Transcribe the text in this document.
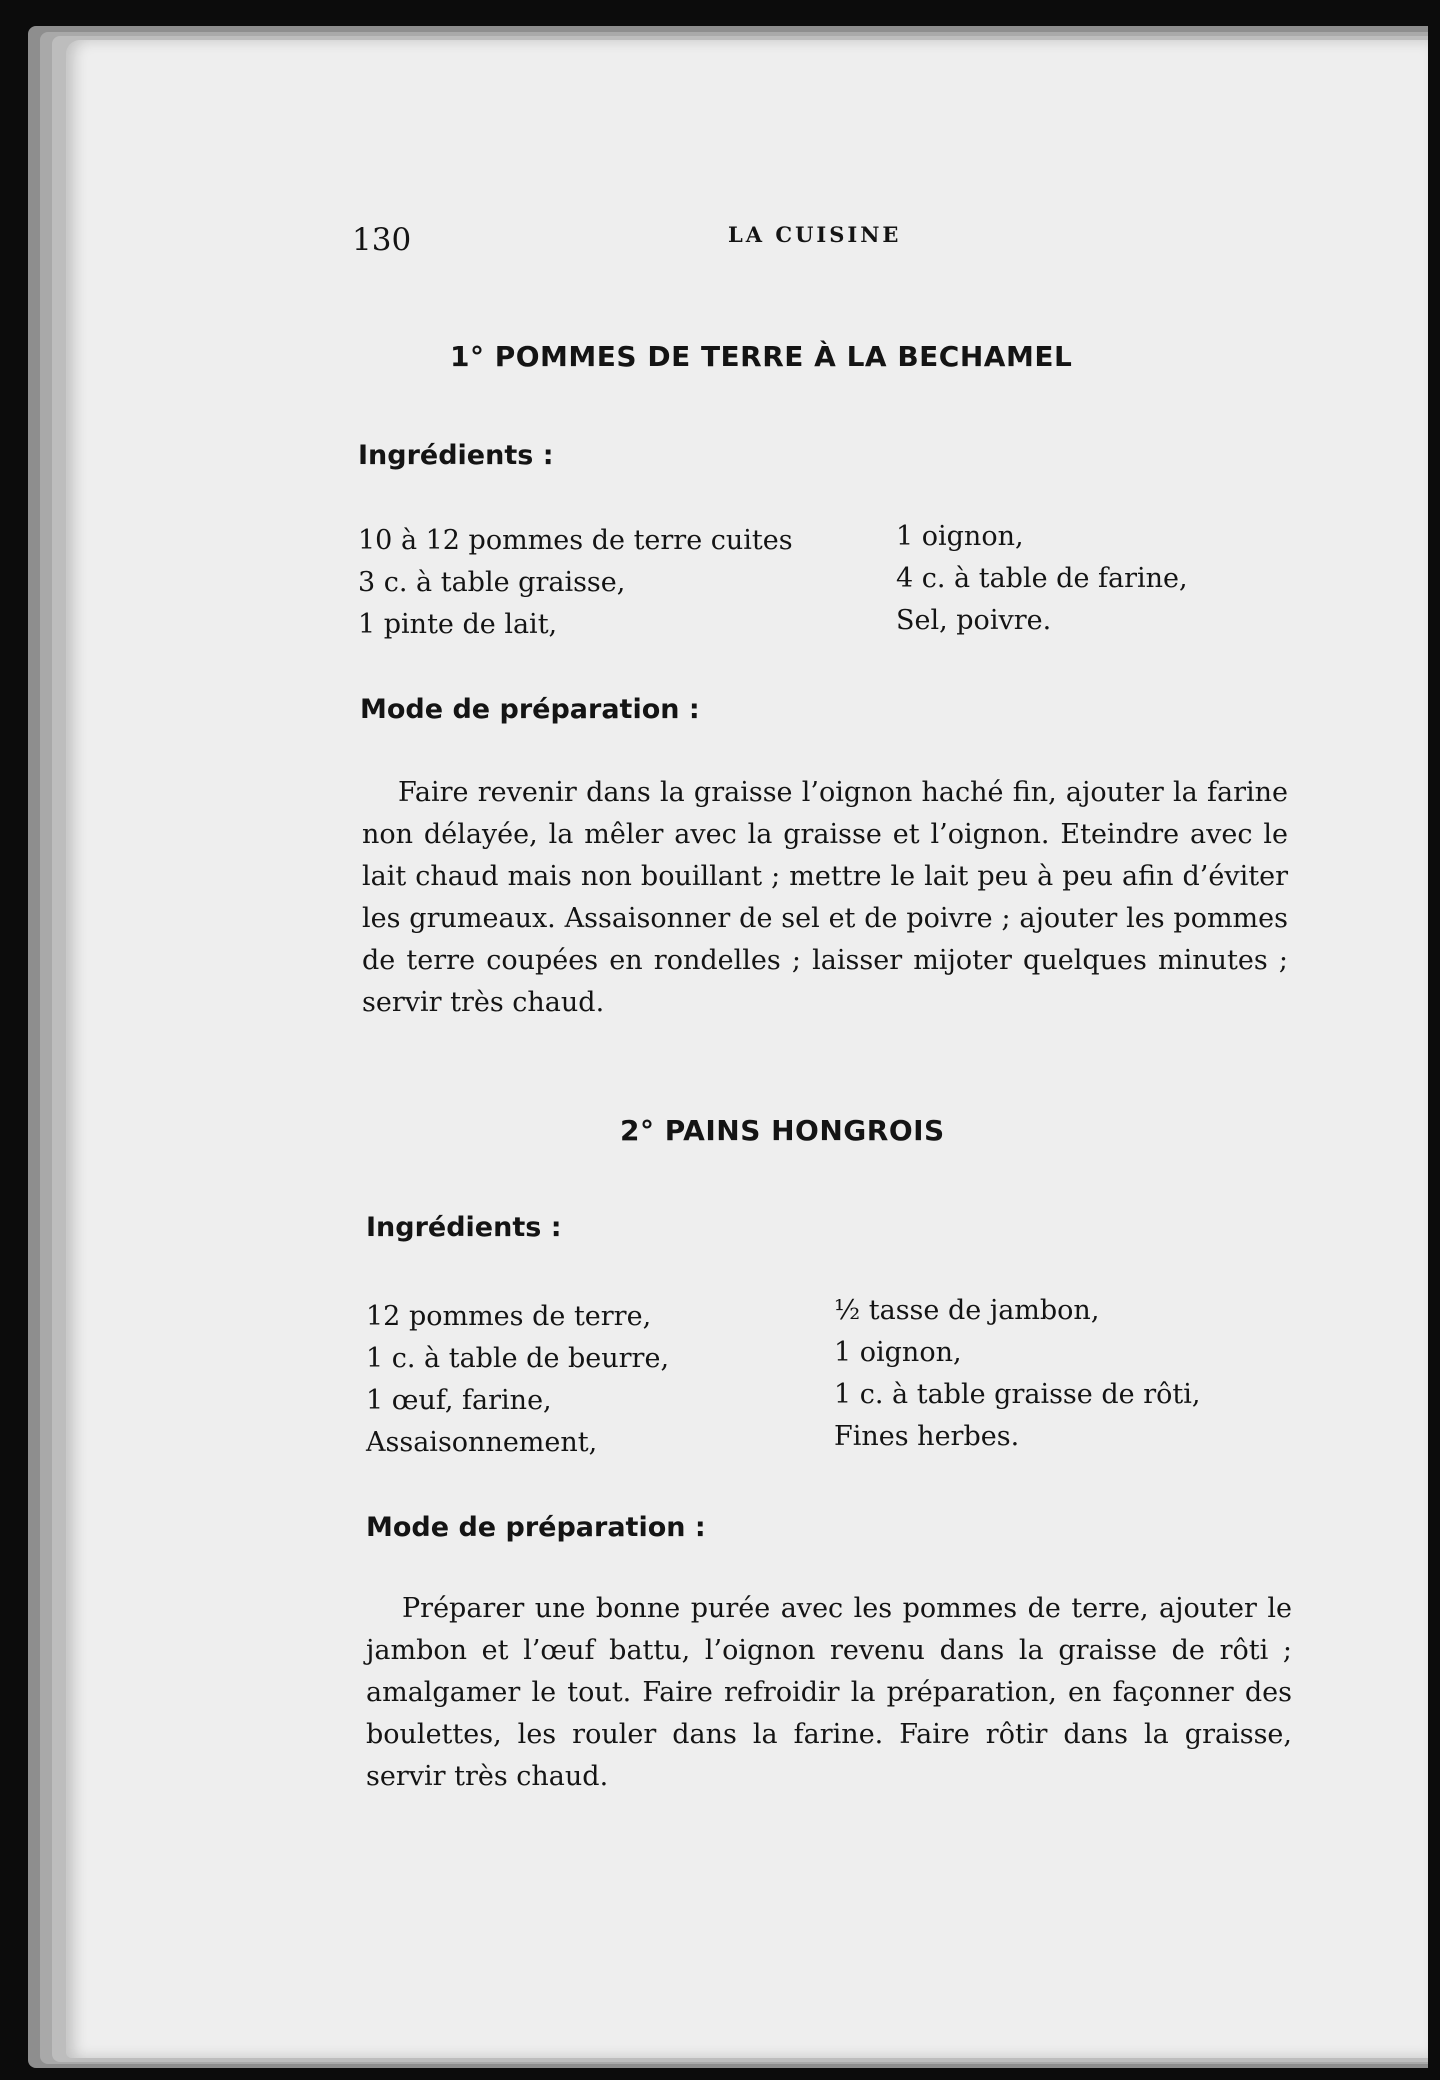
130	LA CUISINE

1° POMMES DE TERRE À LA BECHAMEL
Ingrédients :
10 à 12 pommes de terre cuites
3 c. à table graisse,
1 pinte de lait,
1 oignon,
4 c. à table de farine,
Sel, poivre.
Mode de préparation :

Faire revenir dans la graisse l’oignon haché fin, ajouter la farine non délayée, la mêler avec la graisse et l’oignon. Eteindre avec le lait chaud mais non bouillant ; mettre le lait peu à peu afin d’éviter les grumeaux. Assaisonner de sel et de poivre ; ajouter les pommes de terre coupées en rondelles ; laisser mijoter quelques minutes ; servir très chaud.

2° PAINS HONGROIS
Ingrédients :
12 pommes de terre,
1 c. à table de beurre,
1 œuf, farine,
Assaisonnement,
½ tasse de jambon,
1 oignon,
1 c. à table graisse de rôti,
Fines herbes.
Mode de préparation :

Préparer une bonne purée avec les pommes de terre, ajouter le jambon et l’œuf battu, l’oignon revenu dans la graisse de rôti ; amalgamer le tout. Faire refroidir la préparation, en façonner des boulettes, les rouler dans la farine. Faire rôtir dans la graisse, servir très chaud.
